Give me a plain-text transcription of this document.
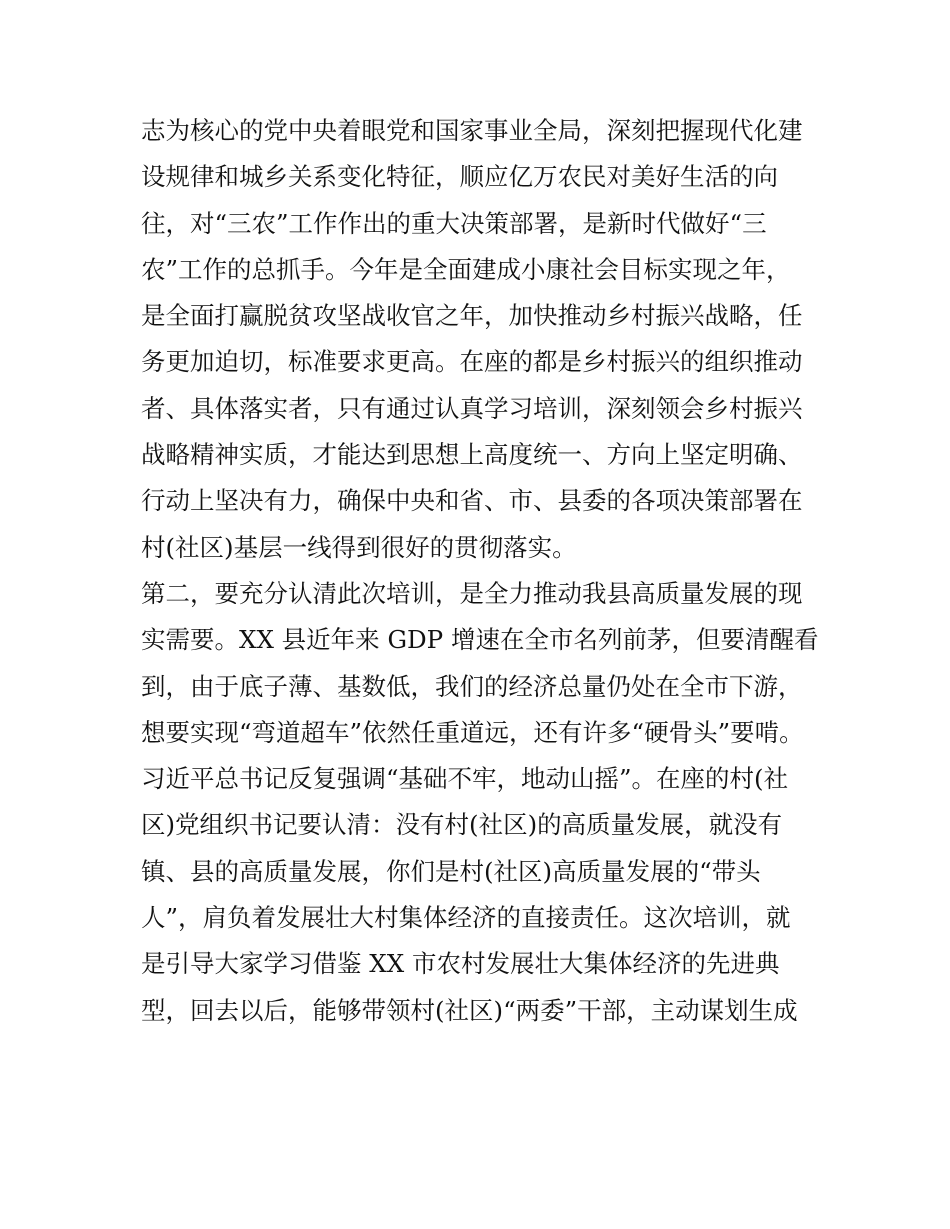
志为核心的党中央着眼党和国家事业全局，深刻把握现代化建
设规律和城乡关系变化特征，顺应亿万农民对美好生活的向
往，对“三农”工作作出的重大决策部署，是新时代做好“三
农”工作的总抓手。今年是全面建成小康社会目标实现之年，
是全面打赢脱贫攻坚战收官之年，加快推动乡村振兴战略，任
务更加迫切，标准要求更高。在座的都是乡村振兴的组织推动
者、具体落实者，只有通过认真学习培训，深刻领会乡村振兴
战略精神实质，才能达到思想上高度统一、方向上坚定明确、
行动上坚决有力，确保中央和省、市、县委的各项决策部署在
村(社区)基层一线得到很好的贯彻落实。
第二，要充分认清此次培训，是全力推动我县高质量发展的现
实需要。XX 县近年来 GDP 增速在全市名列前茅，但要清醒看
到，由于底子薄、基数低，我们的经济总量仍处在全市下游，
想要实现“弯道超车”依然任重道远，还有许多“硬骨头”要啃。
习近平总书记反复强调“基础不牢，地动山摇”。在座的村(社
区)党组织书记要认清：没有村(社区)的高质量发展，就没有
镇、县的高质量发展，你们是村(社区)高质量发展的“带头
人”，肩负着发展壮大村集体经济的直接责任。这次培训，就
是引导大家学习借鉴 XX 市农村发展壮大集体经济的先进典
型，回去以后，能够带领村(社区)“两委”干部，主动谋划生成
